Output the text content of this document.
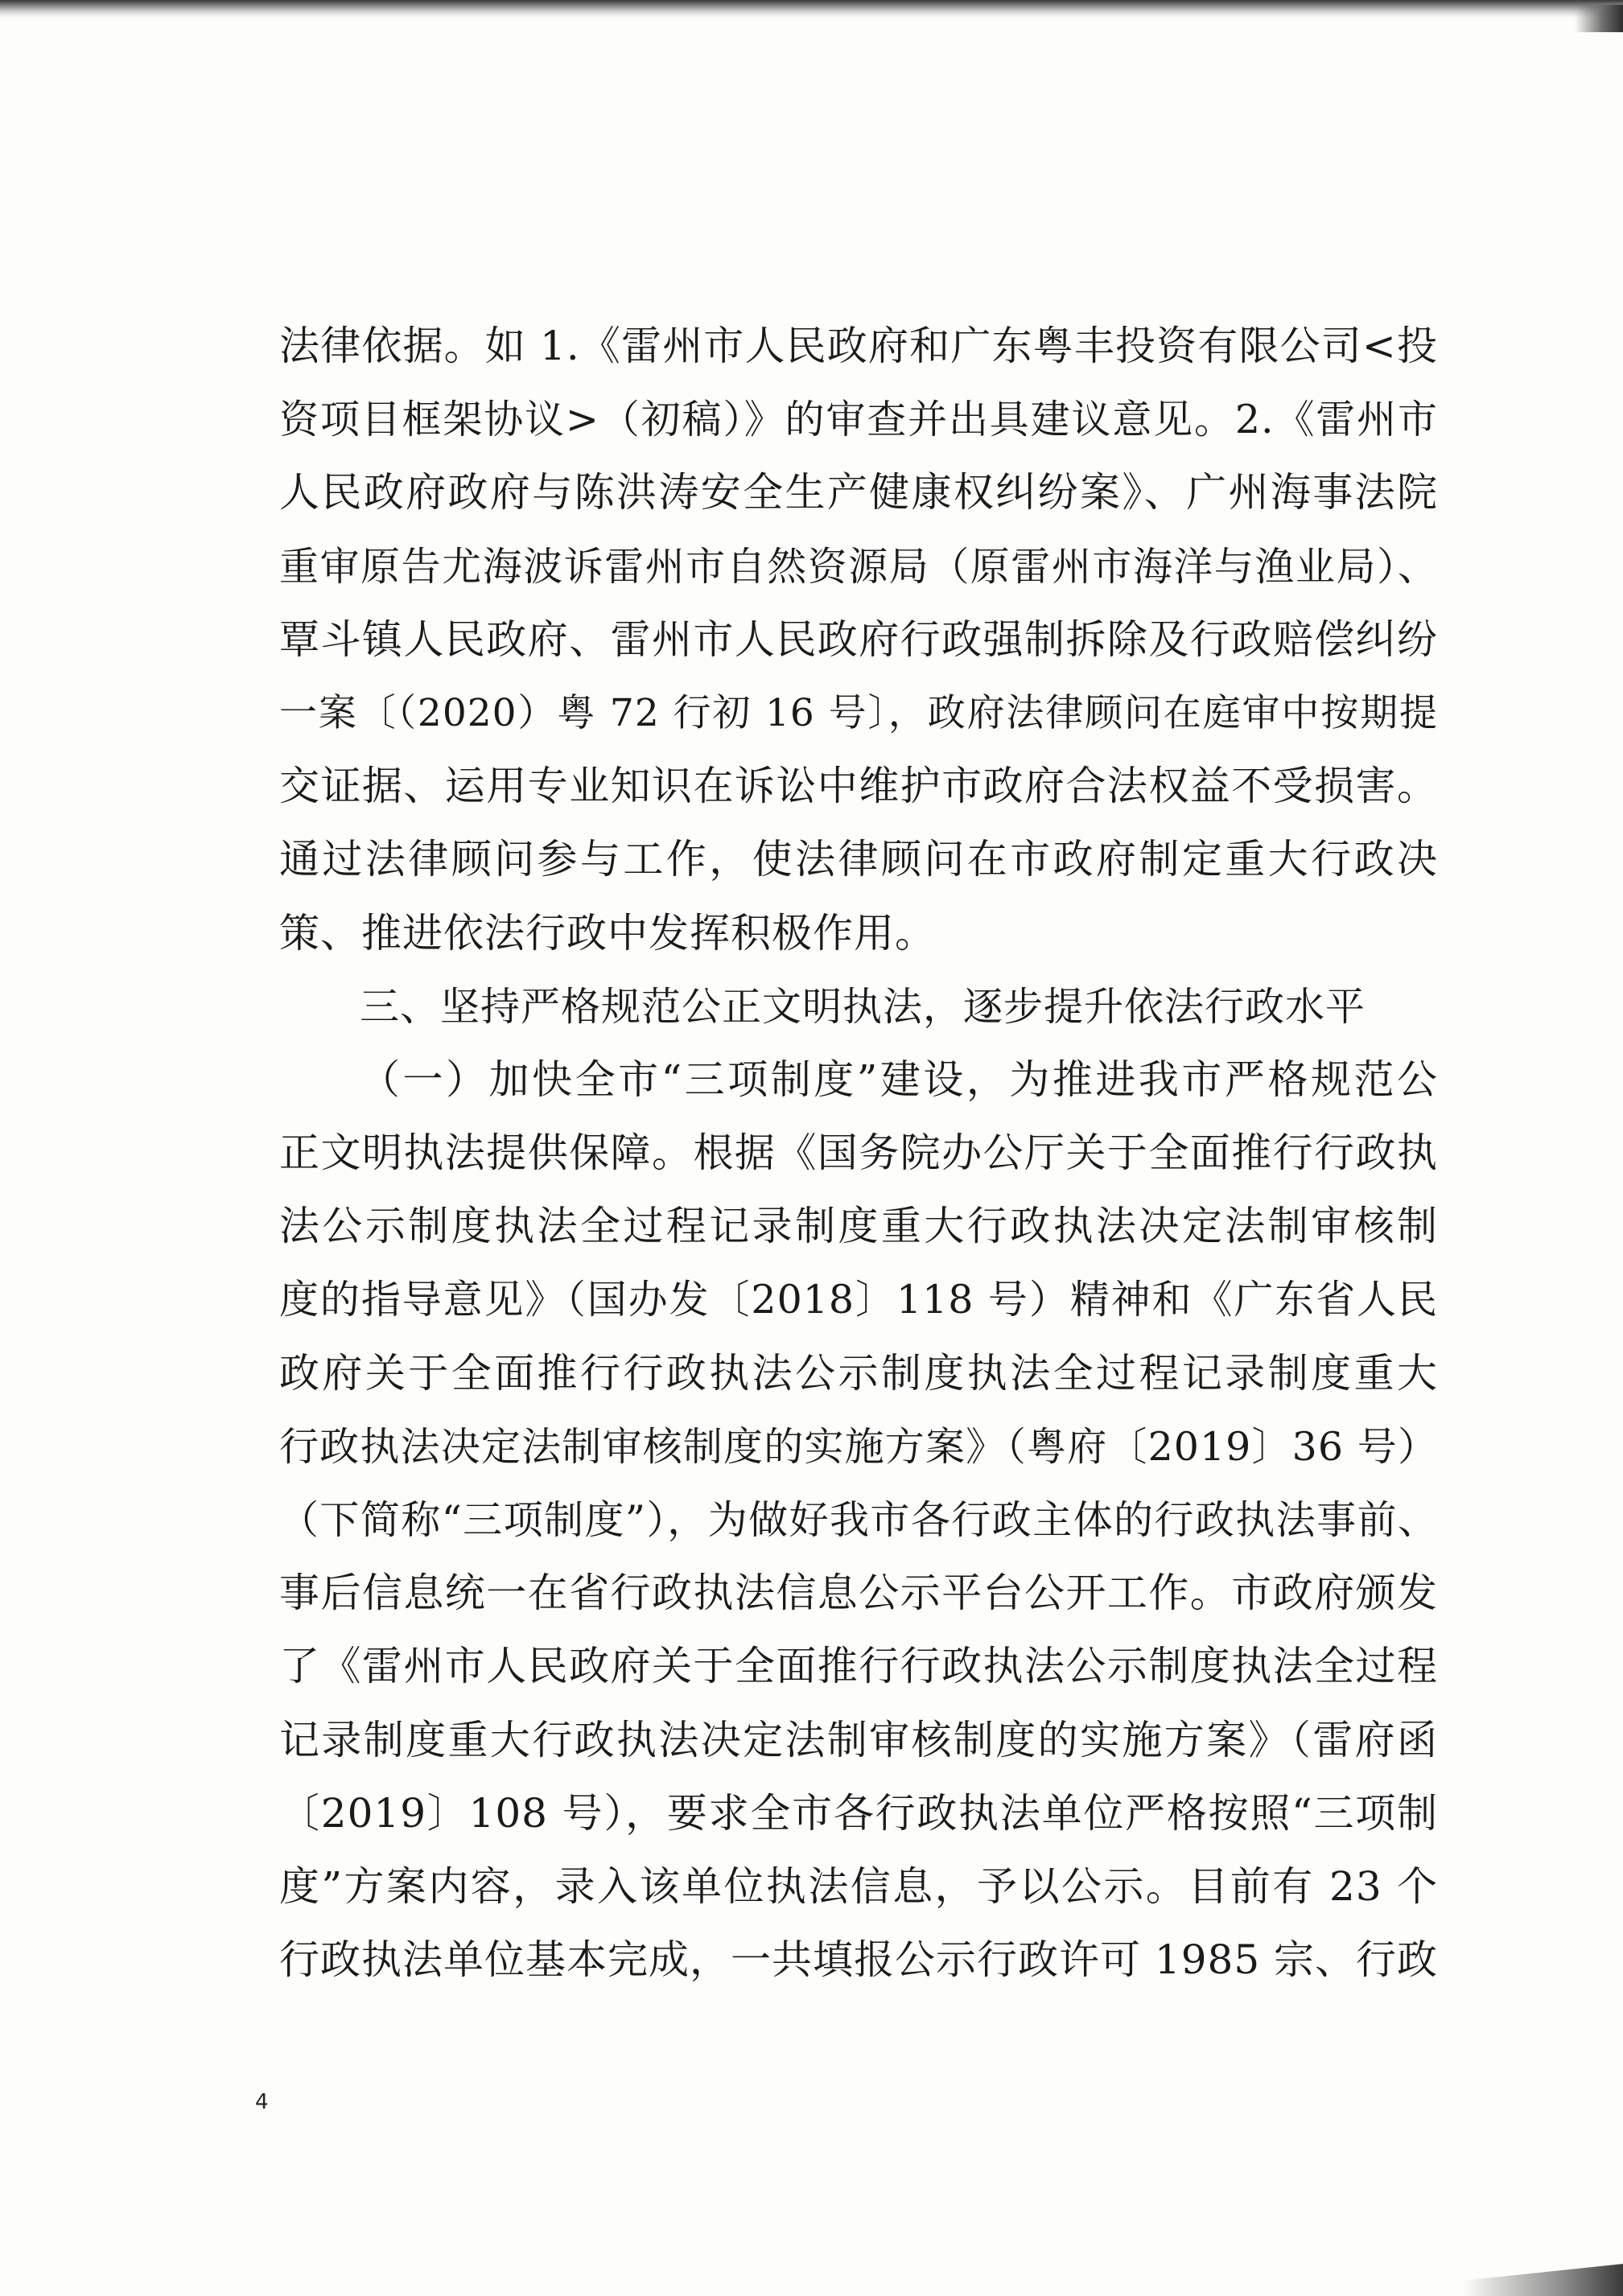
法律依据。如 1.《雷州市人民政府和广东粤丰投资有限公司<投
资项目框架协议>（初稿）》的审查并出具建议意见。2.《雷州市
人民政府政府与陈洪涛安全生产健康权纠纷案》、广州海事法院
重审原告尤海波诉雷州市自然资源局（原雷州市海洋与渔业局）、
覃斗镇人民政府、雷州市人民政府行政强制拆除及行政赔偿纠纷
一案〔（2020）粤 72 行初 16 号〕，政府法律顾问在庭审中按期提
交证据、运用专业知识在诉讼中维护市政府合法权益不受损害。
通过法律顾问参与工作，使法律顾问在市政府制定重大行政决
策、推进依法行政中发挥积极作用。
三、坚持严格规范公正文明执法，逐步提升依法行政水平
（一）加快全市“三项制度”建设，为推进我市严格规范公
正文明执法提供保障。根据《国务院办公厅关于全面推行行政执
法公示制度执法全过程记录制度重大行政执法决定法制审核制
度的指导意见》（国办发〔2018〕118 号）精神和《广东省人民
政府关于全面推行行政执法公示制度执法全过程记录制度重大
行政执法决定法制审核制度的实施方案》（粤府〔2019〕36 号）
（下简称“三项制度”），为做好我市各行政主体的行政执法事前、
事后信息统一在省行政执法信息公示平台公开工作。市政府颁发
了《雷州市人民政府关于全面推行行政执法公示制度执法全过程
记录制度重大行政执法决定法制审核制度的实施方案》（雷府函
〔2019〕108 号），要求全市各行政执法单位严格按照“三项制
度”方案内容，录入该单位执法信息，予以公示。目前有 23 个
行政执法单位基本完成，一共填报公示行政许可 1985 宗、行政
4
